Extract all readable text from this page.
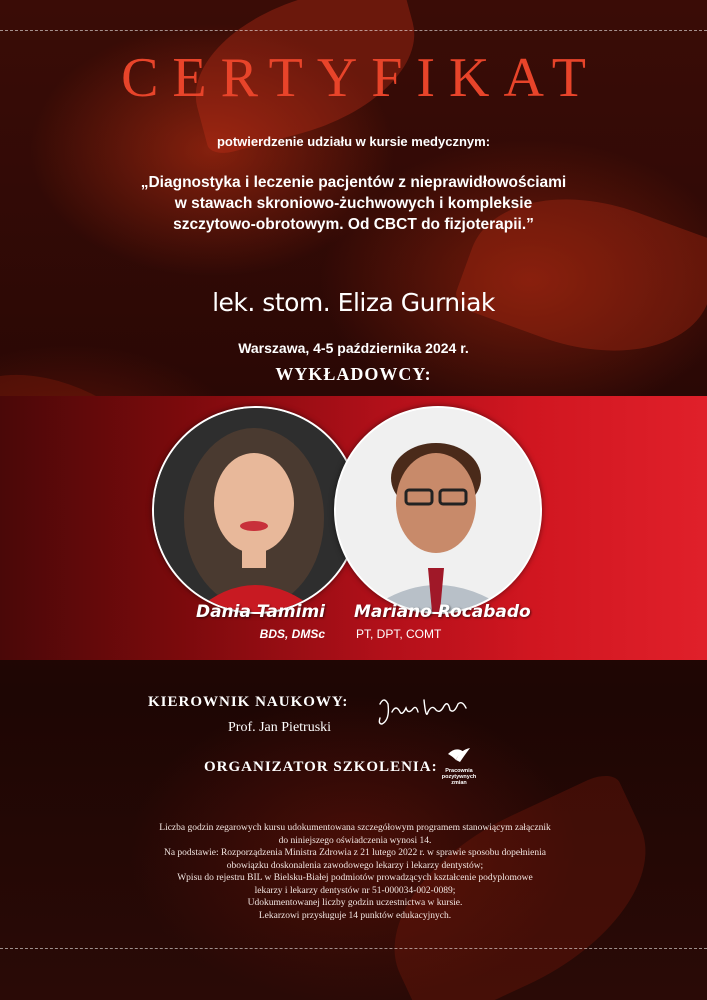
CERTYFIKAT
potwierdzenie udziału w kursie medycznym:
„Diagnostyka i leczenie pacjentów z nieprawidłowościami
w stawach skroniowo-żuchwowych i kompleksie
szczytowo-obrotowym. Od CBCT do fizjoterapii.”
lek. stom. Eliza Gurniak
Warszawa, 4-5 października 2024 r.
WYKŁADOWCY:
Dania Tamimi
BDS, DMSc
Mariano Rocabado
PT, DPT, COMT
KIEROWNIK NAUKOWY:
Prof. Jan Pietruski
ORGANIZATOR SZKOLENIA: Pracownia
pozytywnych
zmian
Liczba godzin zegarowych kursu udokumentowana szczegółowym programem stanowiącym załącznik
do niniejszego oświadczenia wynosi 14.
Na podstawie: Rozporządzenia Ministra Zdrowia z 21 lutego 2022 r. w sprawie sposobu dopełnienia
obowiązku doskonalenia zawodowego lekarzy i lekarzy dentystów;
Wpisu do rejestru BIL w Bielsku-Białej podmiotów prowadzących kształcenie podyplomowe
lekarzy i lekarzy dentystów nr 51-000034-002-0089;
Udokumentowanej liczby godzin uczestnictwa w kursie.
Lekarzowi przysługuje 14 punktów edukacyjnych.
